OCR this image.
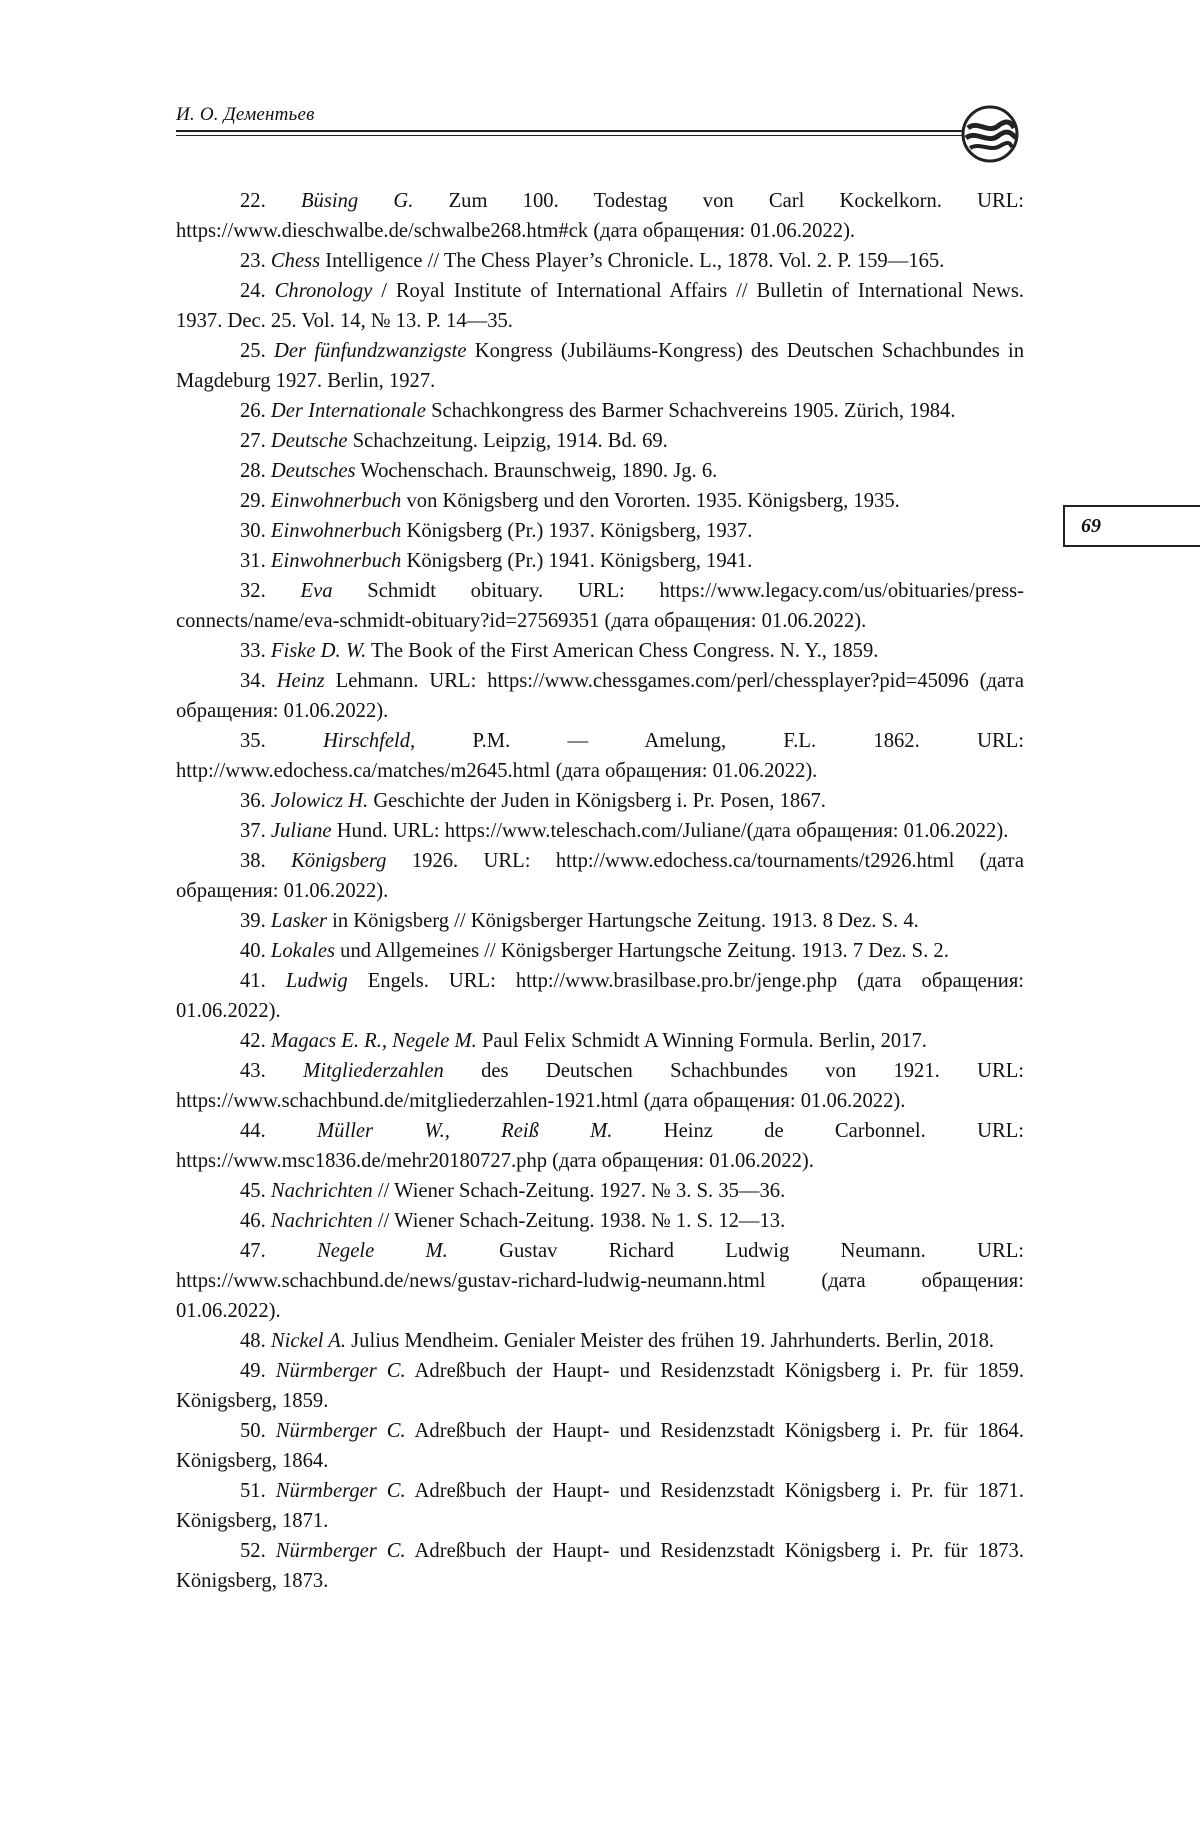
И. О. Дементьев
69

22. Büsing G. Zum 100. Todestag von Carl Kockelkorn. URL: https://www.dieschwalbe.de/schwalbe268.htm#ck (дата обращения: 01.06.2022).

23. Chess Intelligence // The Chess Player’s Chronicle. L., 1878. Vol. 2. P. 159—165.

24. Chronology / Royal Institute of International Affairs // Bulletin of International News. 1937. Dec. 25. Vol. 14, № 13. P. 14—35.

25. Der fünfundzwanzigste Kongress (Jubiläums-Kongress) des Deutschen Schachbundes in Magdeburg 1927. Berlin, 1927.

26. Der Internationale Schachkongress des Barmer Schachvereins 1905. Zürich, 1984.

27. Deutsche Schachzeitung. Leipzig, 1914. Bd. 69.

28. Deutsches Wochenschach. Braunschweig, 1890. Jg. 6.

29. Einwohnerbuch von Königsberg und den Vororten. 1935. Königsberg, 1935.

30. Einwohnerbuch Königsberg (Pr.) 1937. Königsberg, 1937.

31. Einwohnerbuch Königsberg (Pr.) 1941. Königsberg, 1941.

32. Eva Schmidt obituary. URL: https://www.legacy.com/us/obituaries/press-connects/name/eva-schmidt-obituary?id=27569351 (дата обращения: 01.06.2022).

33. Fiske D. W. The Book of the First American Chess Congress. N. Y., 1859.

34. Heinz Lehmann. URL: https://www.chessgames.com/perl/chessplayer?pid=45096 (дата обращения: 01.06.2022).

35.	Hirschfeld,	P.M. — Amelung, F.L. 1862. URL: http://www.edochess.ca/matches/m2645.html (дата обращения: 01.06.2022).

36. Jolowicz H. Geschichte der Juden in Königsberg i. Pr. Posen, 1867.

37. Juliane Hund. URL: https://www.teleschach.com/Juliane/(дата обращения: 01.06.2022).

38. Königsberg 1926. URL: http://www.edochess.ca/tournaments/t2926.html (дата обращения: 01.06.2022).

39. Lasker in Königsberg // Königsberger Hartungsche Zeitung. 1913. 8 Dez. S. 4.

40. Lokales und Allgemeines // Königsberger Hartungsche Zeitung. 1913. 7 Dez. S. 2.

41. Ludwig Engels. URL: http://www.brasilbase.pro.br/jenge.php (дата обращения: 01.06.2022).

42. Magacs E. R., Negele M. Paul Felix Schmidt A Winning Formula. Berlin, 2017.

43. Mitgliederzahlen des Deutschen Schachbundes von 1921. URL: https://www.schachbund.de/mitgliederzahlen-1921.html (дата обращения: 01.06.2022).

44. Müller W., Reiß M. Heinz de Carbonnel. URL: https://www.msc1836.de/mehr20180727.php (дата обращения: 01.06.2022).

45. Nachrichten // Wiener Schach-Zeitung. 1927. № 3. S. 35—36.

46. Nachrichten // Wiener Schach-Zeitung. 1938. № 1. S. 12—13.

47. Negele M. Gustav Richard Ludwig Neumann. URL: https://www.schachbund.de/news/gustav-richard-ludwig-neumann.html (дата обращения: 01.06.2022).

48. Nickel A. Julius Mendheim. Genialer Meister des frühen 19. Jahrhunderts. Berlin, 2018.

49. Nürmberger C. Adreßbuch der Haupt- und Residenzstadt Königsberg i. Pr. für 1859. Königsberg, 1859.

50. Nürmberger C. Adreßbuch der Haupt- und Residenzstadt Königsberg i. Pr. für 1864. Königsberg, 1864.

51. Nürmberger C. Adreßbuch der Haupt- und Residenzstadt Königsberg i. Pr. für 1871. Königsberg, 1871.

52. Nürmberger C. Adreßbuch der Haupt- und Residenzstadt Königsberg i. Pr. für 1873. Königsberg, 1873.
